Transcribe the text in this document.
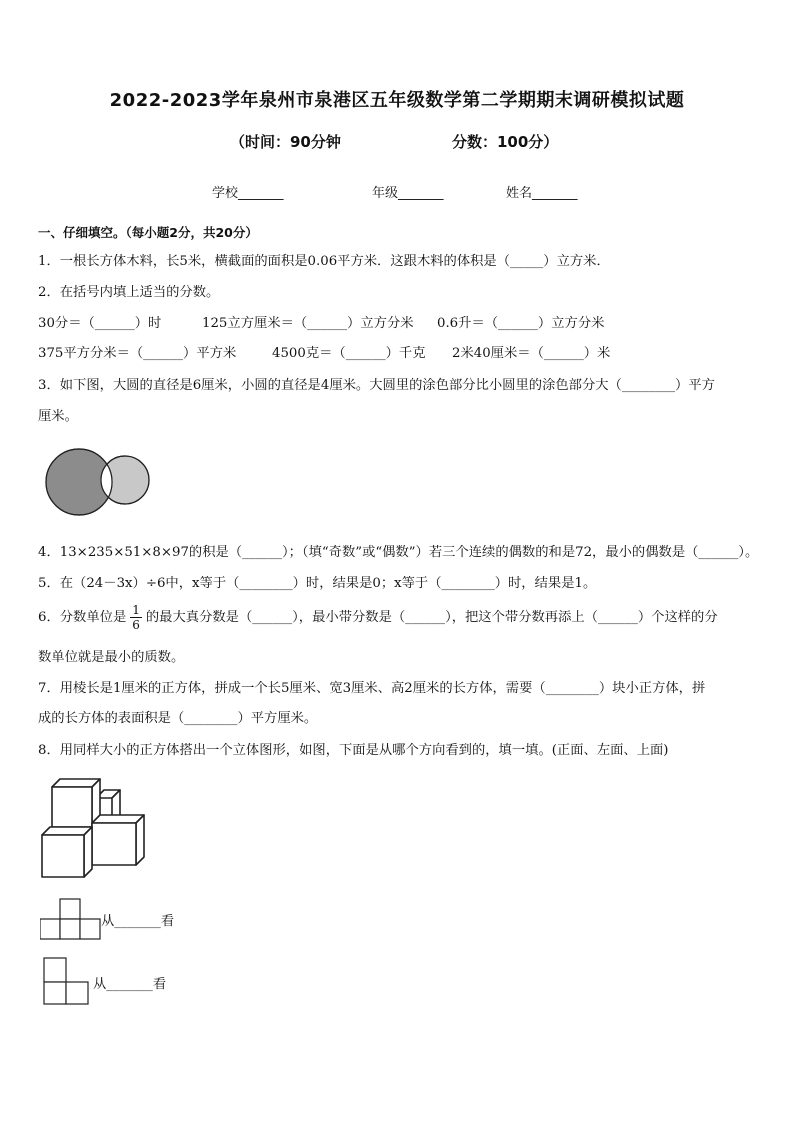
2022-2023学年泉州市泉港区五年级数学第二学期期末调研模拟试题
（时间：90分钟	分数：100分）
学校_______	年级_______	姓名_______
一、仔细填空。（每小题2分，共20分）
1．一根长方体木料，长5米，横截面的面积是0.06平方米．这跟木料的体积是（_____）立方米．
2．在括号内填上适当的分数。
30分＝（______）时	125立方厘米＝（______）立方分米 0.6升＝（______）立方分米
375平方分米＝（______）平方米	4500克＝（______）千克 2米40厘米＝（______）米
3．如下图，大圆的直径是6厘米，小圆的直径是4厘米。大圆里的涂色部分比小圆里的涂色部分大（________）平方
厘米。
4．13×235×51×8×97的积是（______）；（填“奇数”或“偶数”）若三个连续的偶数的和是72，最小的偶数是（______）。
5．在（24－3x）÷6中，x等于（________）时，结果是0；x等于（________）时，结果是1。
6．分数单位是 $\frac{1}{6}$ 的最大真分数是（______），最小带分数是（______），把这个带分数再添上（______）个这样的分
数单位就是最小的质数。
7．用棱长是1厘米的正方体，拼成一个长5厘米、宽3厘米、高2厘米的长方体，需要（________）块小正方体，拼
成的长方体的表面积是（________）平方厘米。
8．用同样大小的正方体搭出一个立体图形，如图，下面是从哪个方向看到的，填一填。(正面、左面、上面)
从_______看
从_______看
